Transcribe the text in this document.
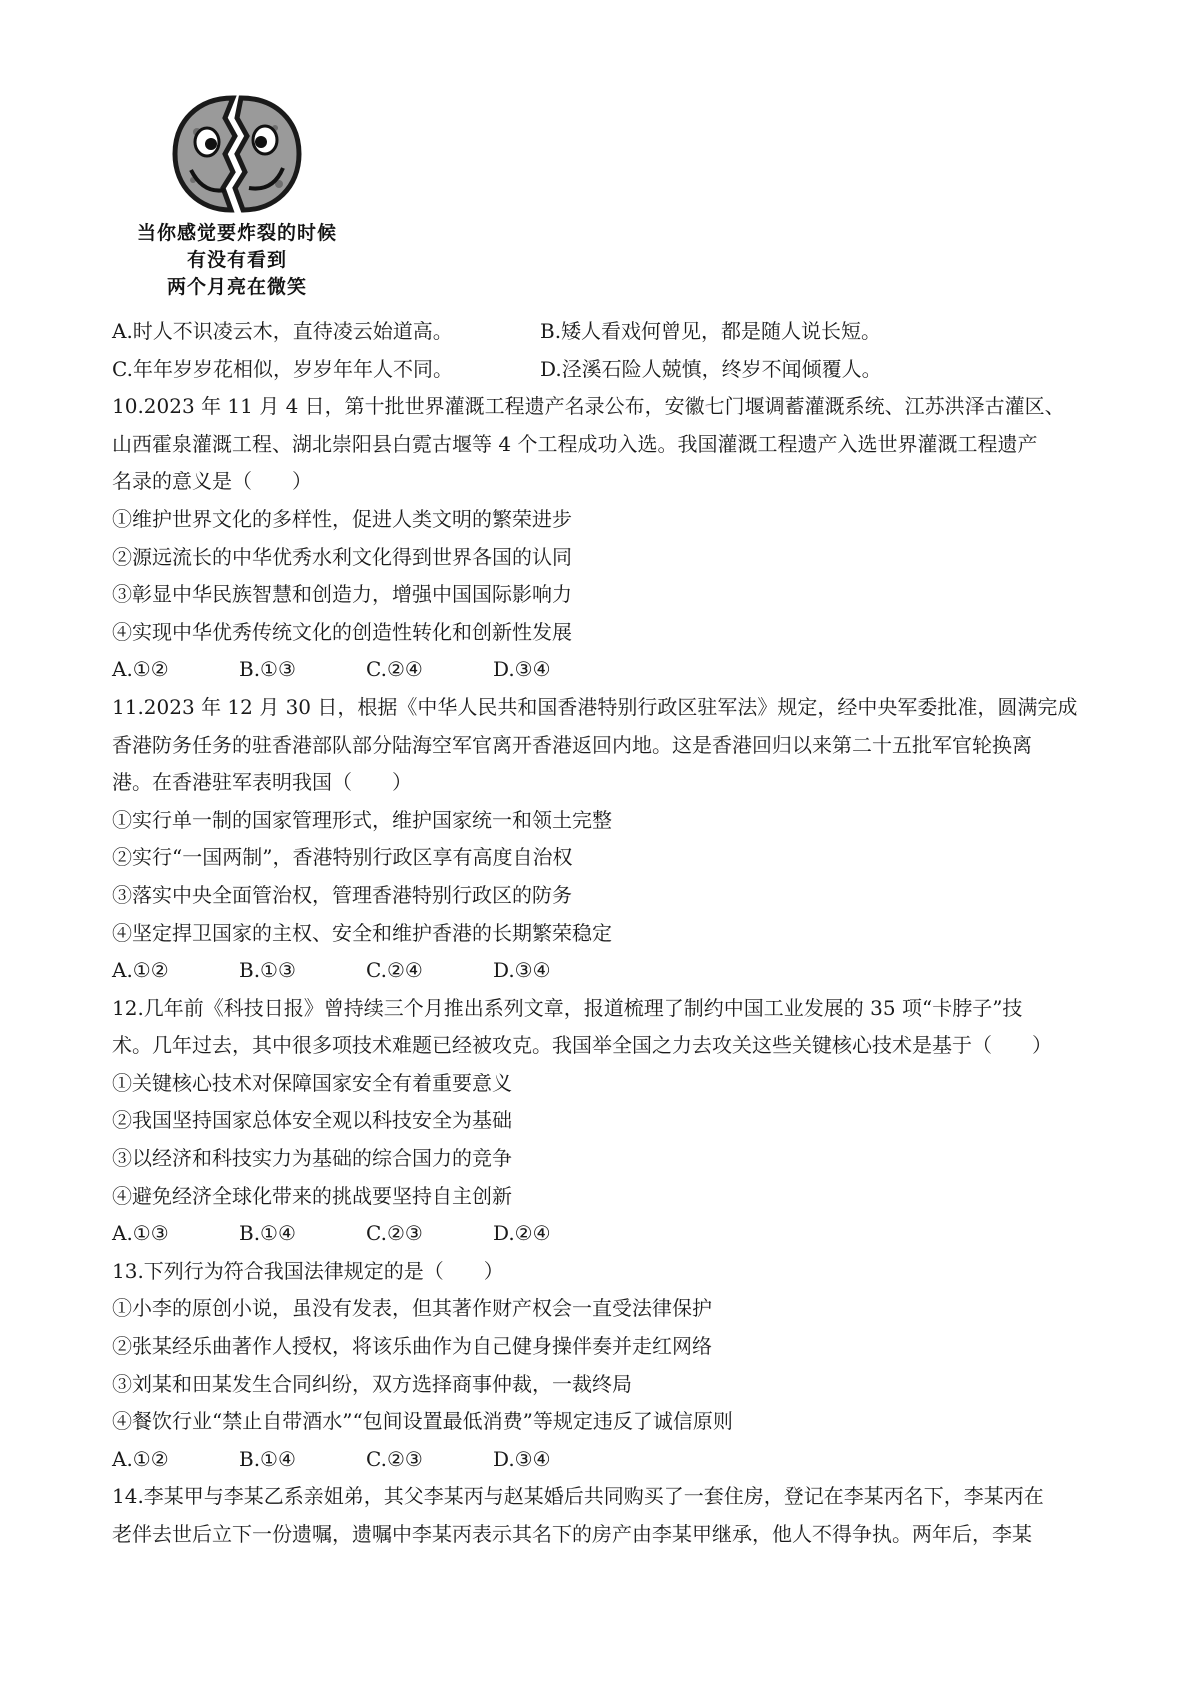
当你感觉要炸裂的时候
有没有看到
两个月亮在微笑
A.时人不识凌云木，直待凌云始道高。	B.矮人看戏何曾见，都是随人说长短。
C.年年岁岁花相似，岁岁年年人不同。	D.泾溪石险人兢慎，终岁不闻倾覆人。
10.2023 年 11 月 4 日，第十批世界灌溉工程遗产名录公布，安徽七门堰调蓄灌溉系统、江苏洪泽古灌区、
山西霍泉灌溉工程、湖北崇阳县白霓古堰等 4 个工程成功入选。我国灌溉工程遗产入选世界灌溉工程遗产
名录的意义是（　　）
①维护世界文化的多样性，促进人类文明的繁荣进步
②源远流长的中华优秀水利文化得到世界各国的认同
③彰显中华民族智慧和创造力，增强中国国际影响力
④实现中华优秀传统文化的创造性转化和创新性发展
A.①②	B.①③	C.②④	D.③④
11.2023 年 12 月 30 日，根据《中华人民共和国香港特别行政区驻军法》规定，经中央军委批准，圆满完成
香港防务任务的驻香港部队部分陆海空军官离开香港返回内地。这是香港回归以来第二十五批军官轮换离
港。在香港驻军表明我国（　　）
①实行单一制的国家管理形式，维护国家统一和领土完整
②实行“一国两制”，香港特别行政区享有高度自治权
③落实中央全面管治权，管理香港特别行政区的防务
④坚定捍卫国家的主权、安全和维护香港的长期繁荣稳定
A.①②	B.①③	C.②④	D.③④
12.几年前《科技日报》曾持续三个月推出系列文章，报道梳理了制约中国工业发展的 35 项“卡脖子”技
术。几年过去，其中很多项技术难题已经被攻克。我国举全国之力去攻关这些关键核心技术是基于（　　）
①关键核心技术对保障国家安全有着重要意义
②我国坚持国家总体安全观以科技安全为基础
③以经济和科技实力为基础的综合国力的竞争
④避免经济全球化带来的挑战要坚持自主创新
A.①③	B.①④	C.②③	D.②④
13.下列行为符合我国法律规定的是（　　）
①小李的原创小说，虽没有发表，但其著作财产权会一直受法律保护
②张某经乐曲著作人授权，将该乐曲作为自己健身操伴奏并走红网络
③刘某和田某发生合同纠纷，双方选择商事仲裁，一裁终局
④餐饮行业“禁止自带酒水”“包间设置最低消费”等规定违反了诚信原则
A.①②	B.①④	C.②③	D.③④
14.李某甲与李某乙系亲姐弟，其父李某丙与赵某婚后共同购买了一套住房，登记在李某丙名下，李某丙在
老伴去世后立下一份遗嘱，遗嘱中李某丙表示其名下的房产由李某甲继承，他人不得争执。两年后，李某
